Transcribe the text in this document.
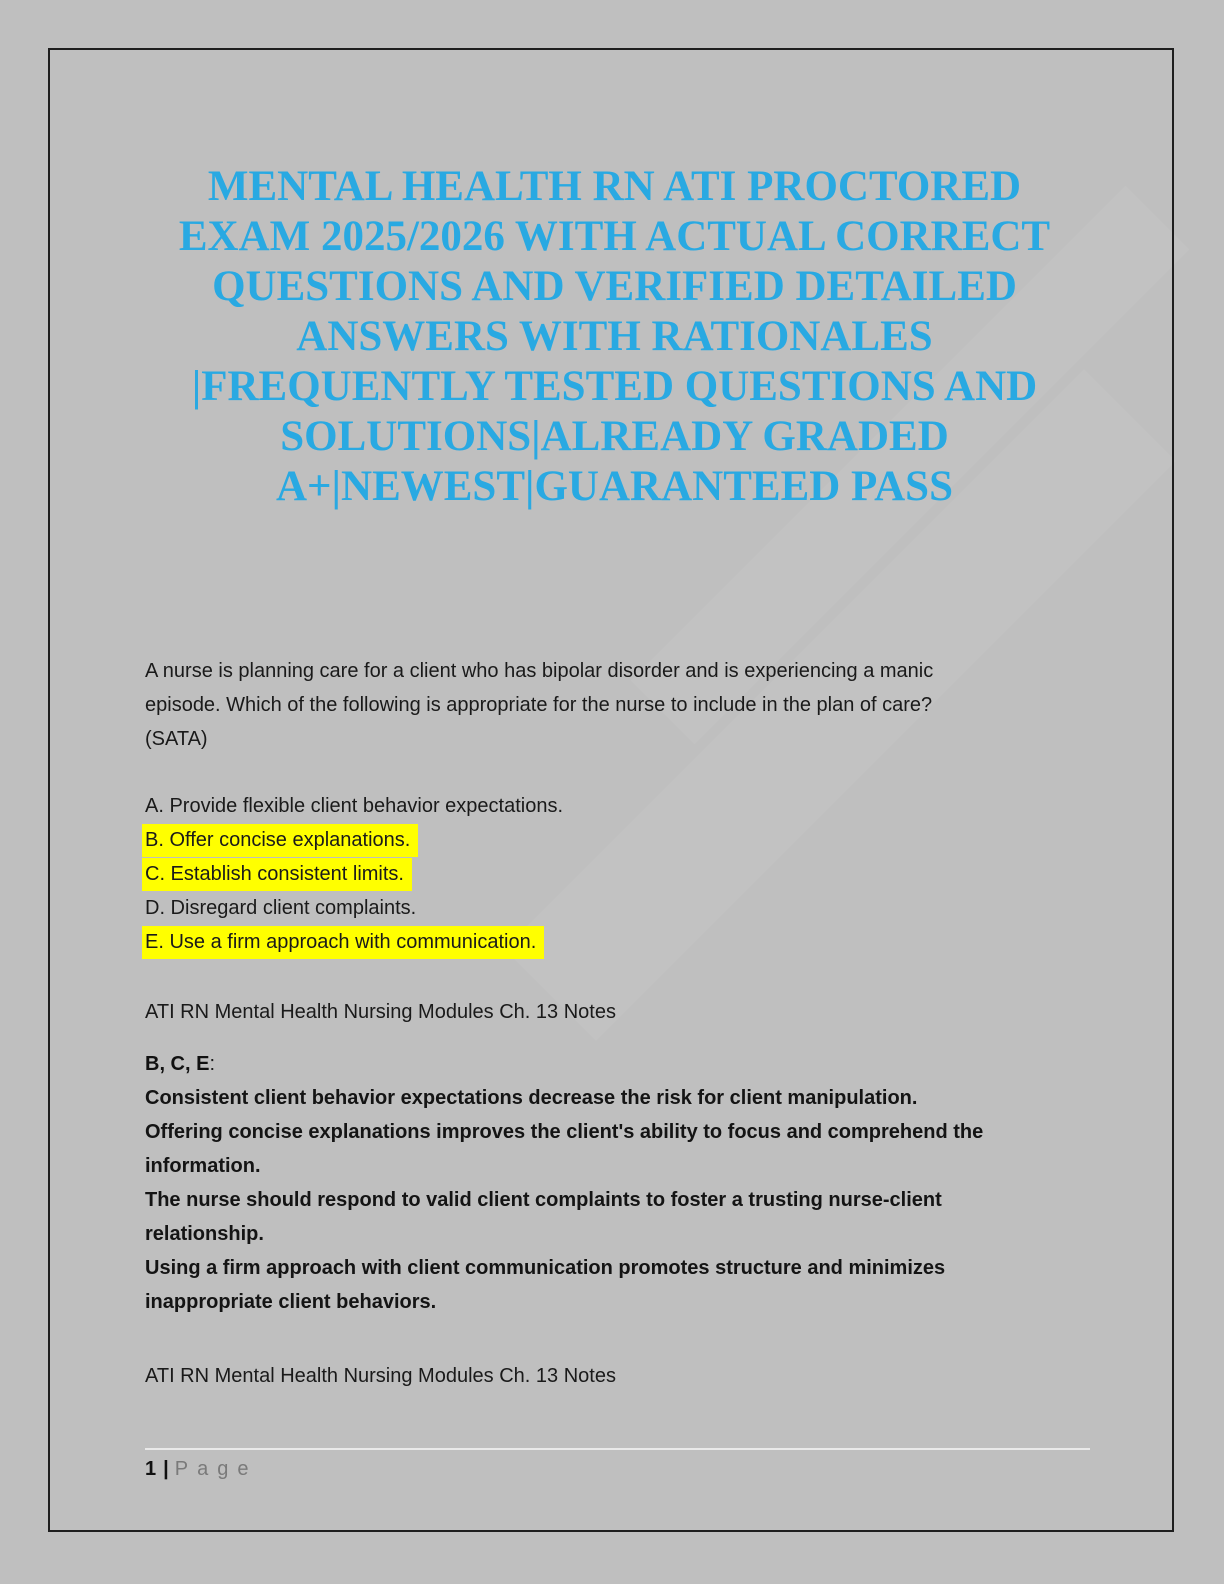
MENTAL HEALTH RN ATI PROCTORED
EXAM 2025/2026 WITH ACTUAL CORRECT
QUESTIONS AND VERIFIED DETAILED
ANSWERS WITH RATIONALES
|FREQUENTLY TESTED QUESTIONS AND
SOLUTIONS|ALREADY GRADED
A+|NEWEST|GUARANTEED PASS
A nurse is planning care for a client who has bipolar disorder and is experiencing a manic
episode. Which of the following is appropriate for the nurse to include in the plan of care?
(SATA)
A. Provide flexible client behavior expectations.
B. Offer concise explanations.
C. Establish consistent limits.
D. Disregard client complaints.
E. Use a firm approach with communication.
ATI RN Mental Health Nursing Modules Ch. 13 Notes
B, C, E:
Consistent client behavior expectations decrease the risk for client manipulation.
Offering concise explanations improves the client's ability to focus and comprehend the
information.
The nurse should respond to valid client complaints to foster a trusting nurse-client
relationship.
Using a firm approach with client communication promotes structure and minimizes
inappropriate client behaviors.
ATI RN Mental Health Nursing Modules Ch. 13 Notes
1 | Page
